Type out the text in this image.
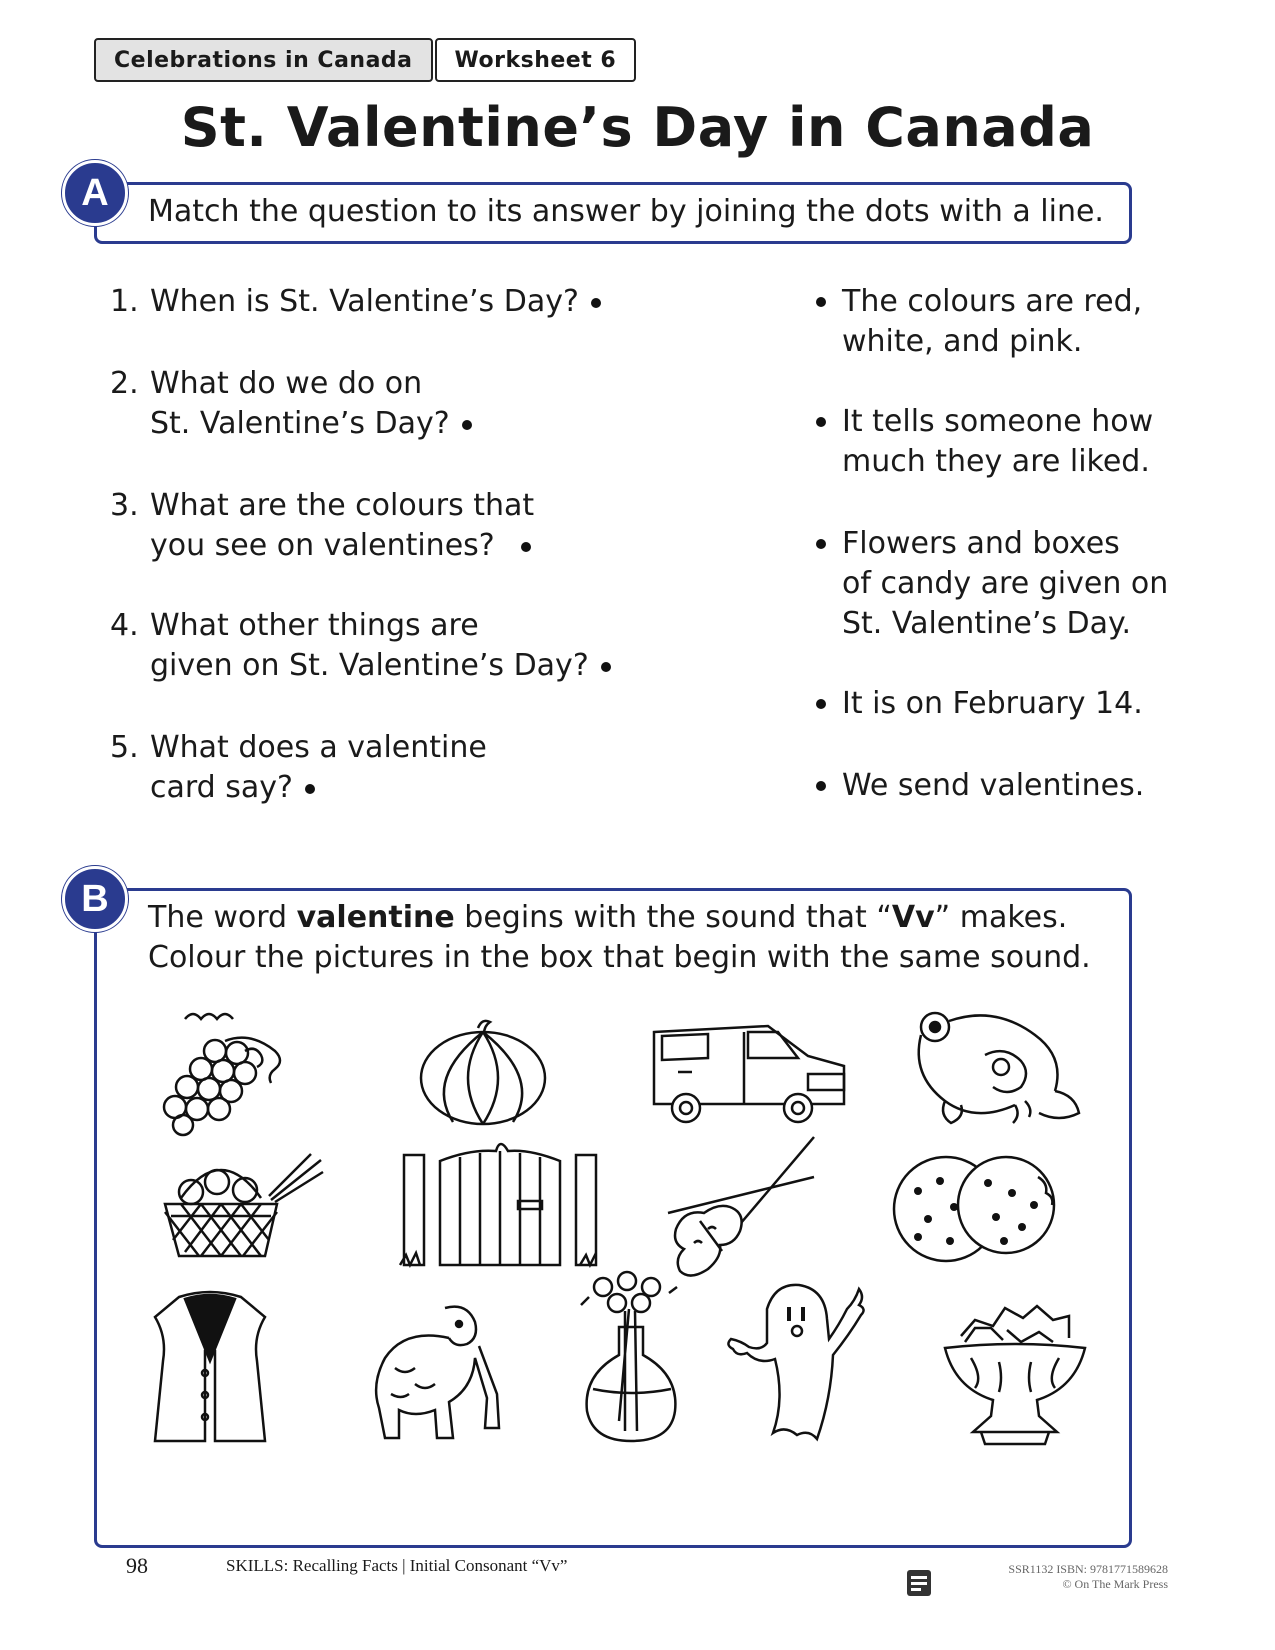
Celebrations in Canada	Worksheet 6
St. Valentine’s Day in Canada
A	Match the question to its answer by joining the dots with a line.
1. When is St. Valentine’s Day?
2. What do we do on
St. Valentine’s Day?
3. What are the colours that
you see on valentines?
4. What other things are
given on St. Valentine’s Day?
5. What does a valentine
card say?
The colours are red,
white, and pink.
It tells someone how
much they are liked.
Flowers and boxes
of candy are given on
St. Valentine’s Day.
It is on February 14.
We send valentines.
B	The word valentine begins with the sound that “Vv” makes.
Colour the pictures in the box that begin with the same sound.
98	SKILLS: Recalling Facts | Initial Consonant “Vv”	SSR1132 ISBN: 9781771589628
© On The Mark Press
